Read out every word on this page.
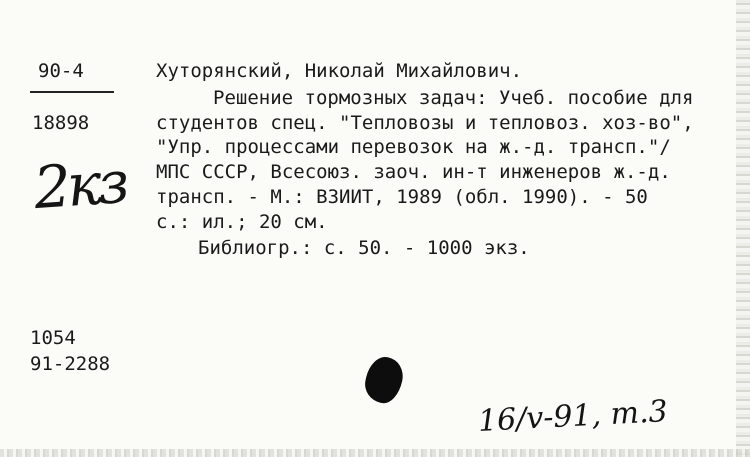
90-4
18898
2кз
1054
91-2288
Хуторянский, Николай Михайлович.
Решение тормозных задач: Учеб. пособие для
студентов спец. "Тепловозы и тепловоз. хоз-во",
"Упр. процессами перевозок на ж.-д. трансп."/
МПС СССР, Всесоюз. заоч. ин-т инженеров ж.-д.
трансп. - М.: ВЗИИТ, 1989 (обл. 1990). - 50
с.: ил.; 20 см.
Библиогр.: с. 50. - 1000 экз.
16/v-91, m.3
